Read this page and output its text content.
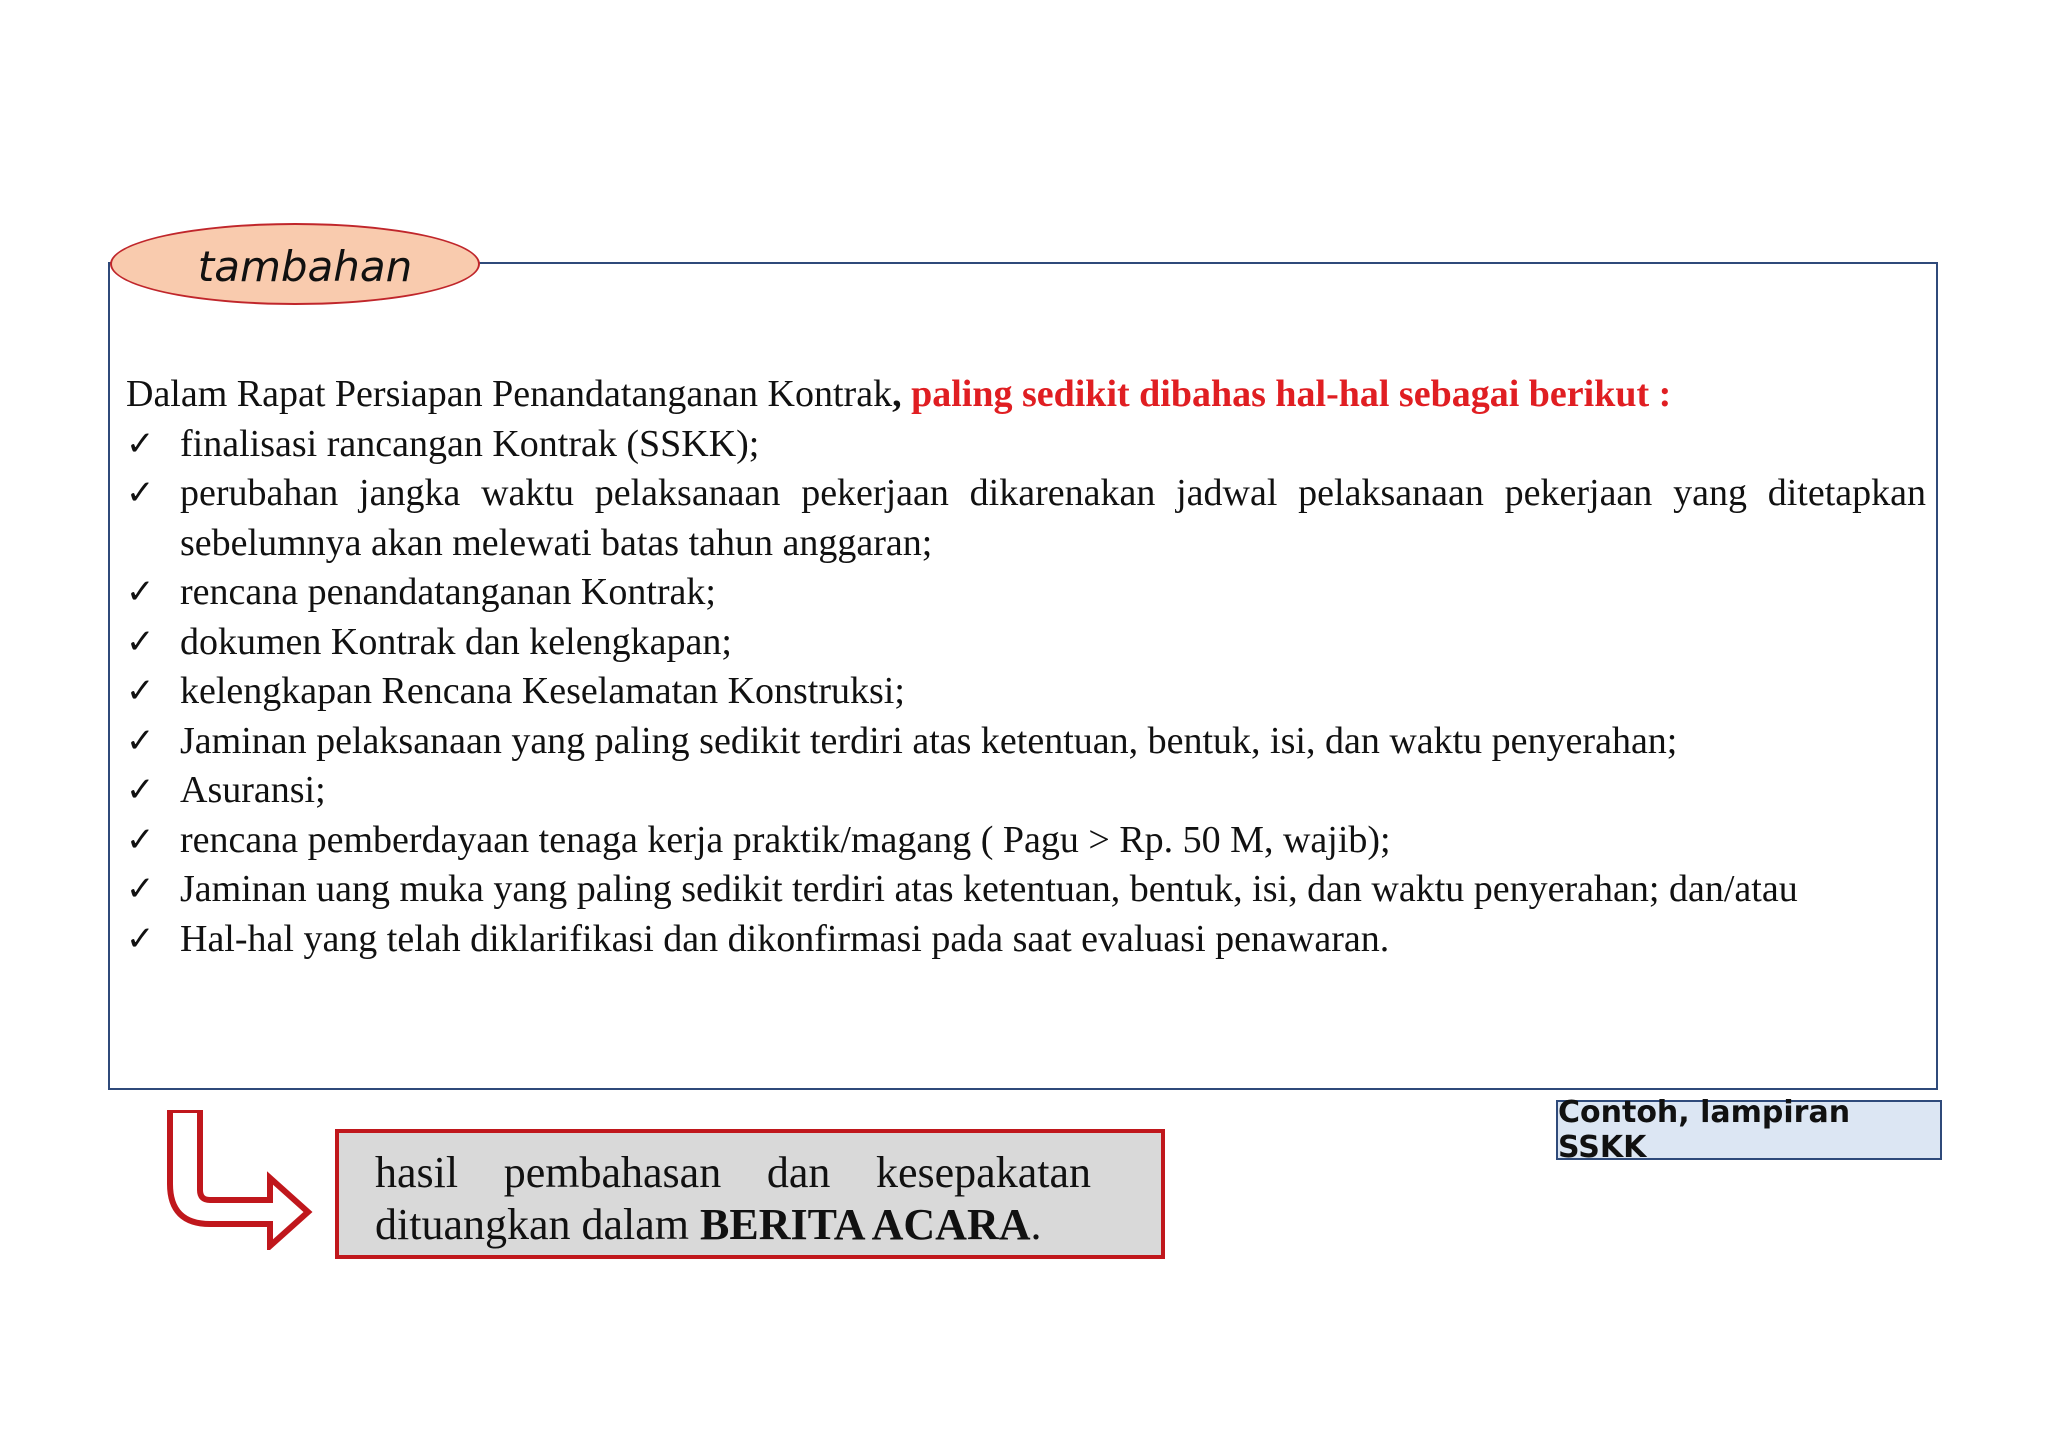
tambahan
Dalam Rapat Persiapan Penandatanganan Kontrak, paling sedikit dibahas hal-hal sebagai berikut :
✓ finalisasi rancangan Kontrak (SSKK);
✓ perubahan jangka waktu pelaksanaan pekerjaan dikarenakan jadwal pelaksanaan pekerjaan yang ditetapkan sebelumnya akan melewati batas tahun anggaran;
✓ rencana penandatanganan Kontrak;
✓ dokumen Kontrak dan kelengkapan;
✓ kelengkapan Rencana Keselamatan Konstruksi;
✓ Jaminan pelaksanaan yang paling sedikit terdiri atas ketentuan, bentuk, isi, dan waktu penyerahan;
✓ Asuransi;
✓ rencana pemberdayaan tenaga kerja praktik/magang ( Pagu > Rp. 50 M, wajib);
✓ Jaminan uang muka yang paling sedikit terdiri atas ketentuan, bentuk, isi, dan waktu penyerahan; dan/atau
✓ Hal-hal yang telah diklarifikasi dan dikonfirmasi pada saat evaluasi penawaran.
Contoh, lampiran SSKK
hasil pembahasan dan kesepakatan
dituangkan dalam BERITA ACARA.
